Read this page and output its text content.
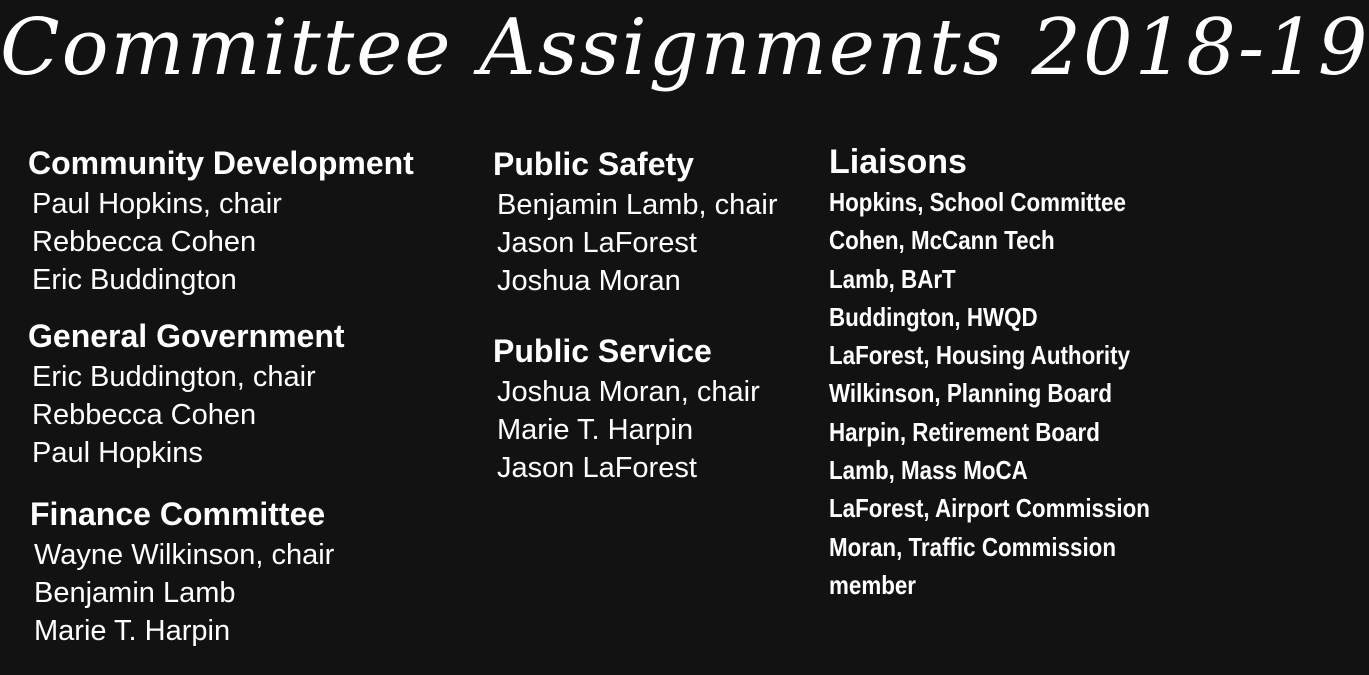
Committee Assignments 2018-19
Community Development
Paul Hopkins, chair
Rebbecca Cohen
Eric Buddington
General Government
Eric Buddington, chair
Rebbecca Cohen
Paul Hopkins
Finance Committee
Wayne Wilkinson, chair
Benjamin Lamb
Marie T. Harpin
Public Safety
Benjamin Lamb, chair
Jason LaForest
Joshua Moran
Public Service
Joshua Moran, chair
Marie T. Harpin
Jason LaForest
Liaisons
Hopkins, School Committee
Cohen, McCann Tech
Lamb, BArT
Buddington, HWQD
LaForest, Housing Authority
Wilkinson, Planning Board
Harpin, Retirement Board
Lamb, Mass MoCA
LaForest, Airport Commission
Moran, Traffic Commission
member
